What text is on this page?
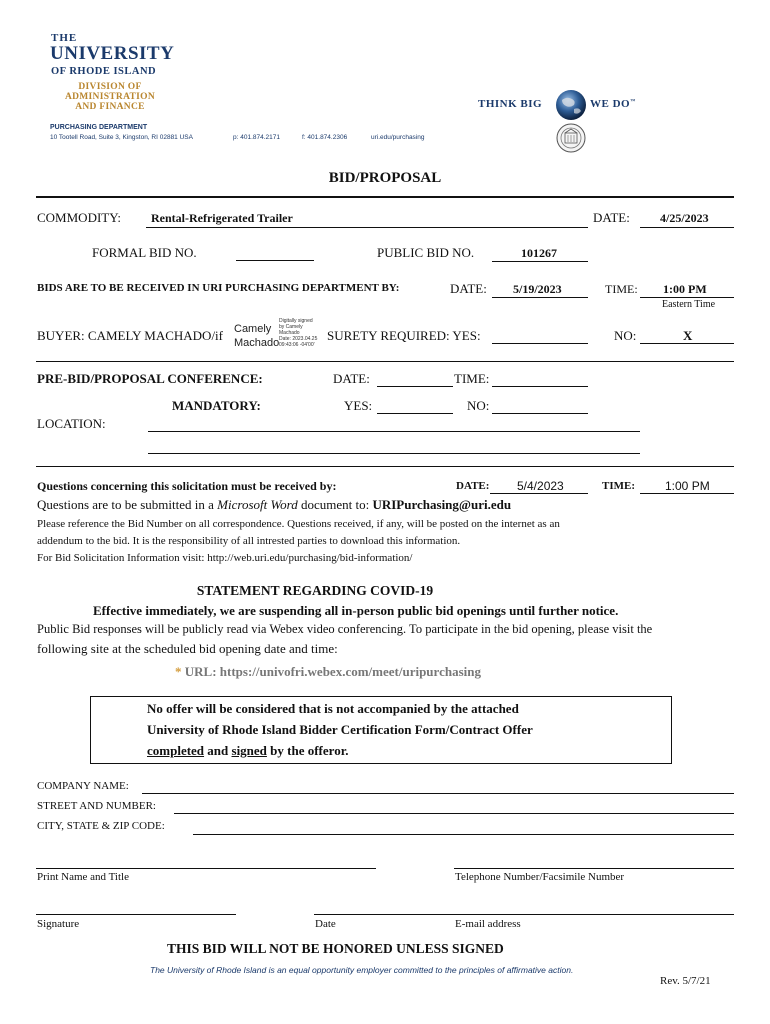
THE
UNIVERSITY
OF RHODE ISLAND
DIVISION OF
ADMINISTRATION
AND FINANCE
PURCHASING DEPARTMENT
10 Tootell Road, Suite 3, Kingston, RI 02881 USA	p: 401.874.2171	f: 401.874.2306	uri.edu/purchasing
THINK BIG	WE DO™
BID/PROPOSAL
COMMODITY: Rental-Refrigerated Trailer	DATE:	4/25/2023
FORMAL BID NO.	PUBLIC BID NO.	101267
BIDS ARE TO BE RECEIVED IN URI PURCHASING DEPARTMENT BY:	DATE: 5/19/2023	TIME: 1:00 PM
Eastern Time
BUYER: CAMELY MACHADO/if Camely
Machado
Digitally signed
by Camely
Machado
Date: 2023.04.25
09:43:06 -04'00'
SURETY REQUIRED: YES:	NO:	X
PRE-BID/PROPOSAL CONFERENCE:	DATE:	TIME:
MANDATORY:	YES:	NO:
LOCATION:
Questions concerning this solicitation must be received by:	DATE: 5/4/2023	TIME:	1:00 PM
Questions are to be submitted in a Microsoft Word document to: URIPurchasing@uri.edu
Please reference the Bid Number on all correspondence. Questions received, if any, will be posted on the internet as an
addendum to the bid. It is the responsibility of all intrested parties to download this information.
For Bid Solicitation Information visit: http://web.uri.edu/purchasing/bid-information/
STATEMENT REGARDING COVID-19
Effective immediately, we are suspending all in-person public bid openings until further notice.
Public Bid responses will be publicly read via Webex video conferencing. To participate in the bid opening, please visit the
following site at the scheduled bid opening date and time:
* URL: https://univofri.webex.com/meet/uripurchasing
No offer will be considered that is not accompanied by the attached
University of Rhode Island Bidder Certification Form/Contract Offer
completed and signed by the offeror.
COMPANY NAME:
STREET AND NUMBER:
CITY, STATE & ZIP CODE:
Print Name and Title	Telephone Number/Facsimile Number
Signature	Date	E-mail address
THIS BID WILL NOT BE HONORED UNLESS SIGNED
The University of Rhode Island is an equal opportunity employer committed to the principles of affirmative action.
Rev. 5/7/21
